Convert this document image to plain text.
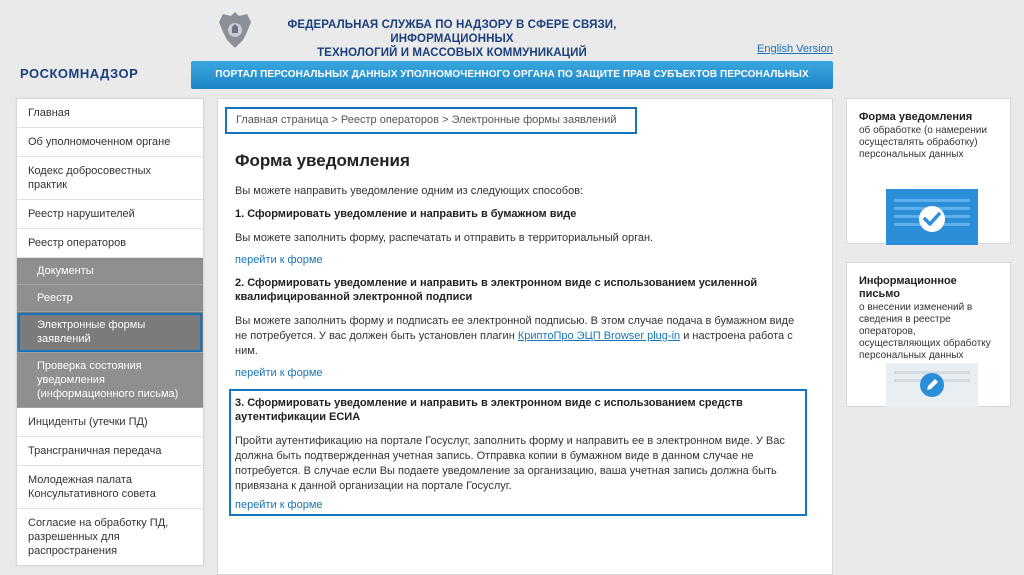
ФЕДЕРАЛЬНАЯ СЛУЖБА ПО НАДЗОРУ В СФЕРЕ СВЯЗИ, ИНФОРМАЦИОННЫХ
ТЕХНОЛОГИЙ И МАССОВЫХ КОММУНИКАЦИЙ	English Version
РОСКОМНАДЗОР	ПОРТАЛ ПЕРСОНАЛЬНЫХ ДАННЫХ УПОЛНОМОЧЕННОГО ОРГАНА ПО ЗАЩИТЕ ПРАВ СУБЪЕКТОВ ПЕРСОНАЛЬНЫХ
Главная
Об уполномоченном органе
Кодекс добросовестных практик
Реестр нарушителей
Реестр операторов
Документы
Реестр
Электронные формы заявлений
Проверка состояния уведомления (информационного письма)
Инциденты (утечки ПД)
Трансграничная передача
Молодежная палата Консультативного совета
Согласие на обработку ПД, разрешенных для распространения
Главная страница > Реестр операторов > Электронные формы заявлений
Форма уведомления

Вы можете направить уведомление одним из следующих способов:

1. Сформировать уведомление и направить в бумажном виде

Вы можете заполнить форму, распечатать и отправить в территориальный орган.

перейти к форме
2. Сформировать уведомление и направить в электронном виде с использованием усиленной квалифицированной электронной подписи

Вы можете заполнить форму и подписать ее электронной подписью. В этом случае подача в бумажном виде не потребуется. У вас должен быть установлен плагин КриптоПро ЭЦП Browser plug-in и настроена работа с ним.

перейти к форме
3. Сформировать уведомление и направить в электронном виде с использованием средств аутентификации ЕСИА

Пройти аутентификацию на портале Госуслуг, заполнить форму и направить ее в электронном виде. У Вас должна быть подтвержденная учетная запись. Отправка копии в бумажном виде в данном случае не потребуется. В случае если Вы подаете уведомление за организацию, ваша учетная запись должна быть привязана к данной организации на портале Госуслуг.

перейти к форме
Форма уведомления
об обработке (о намерении осуществлять обработку) персональных данных
Информационное письмо
о внесении изменений в сведения в реестре операторов, осуществляющих обработку персональных данных
